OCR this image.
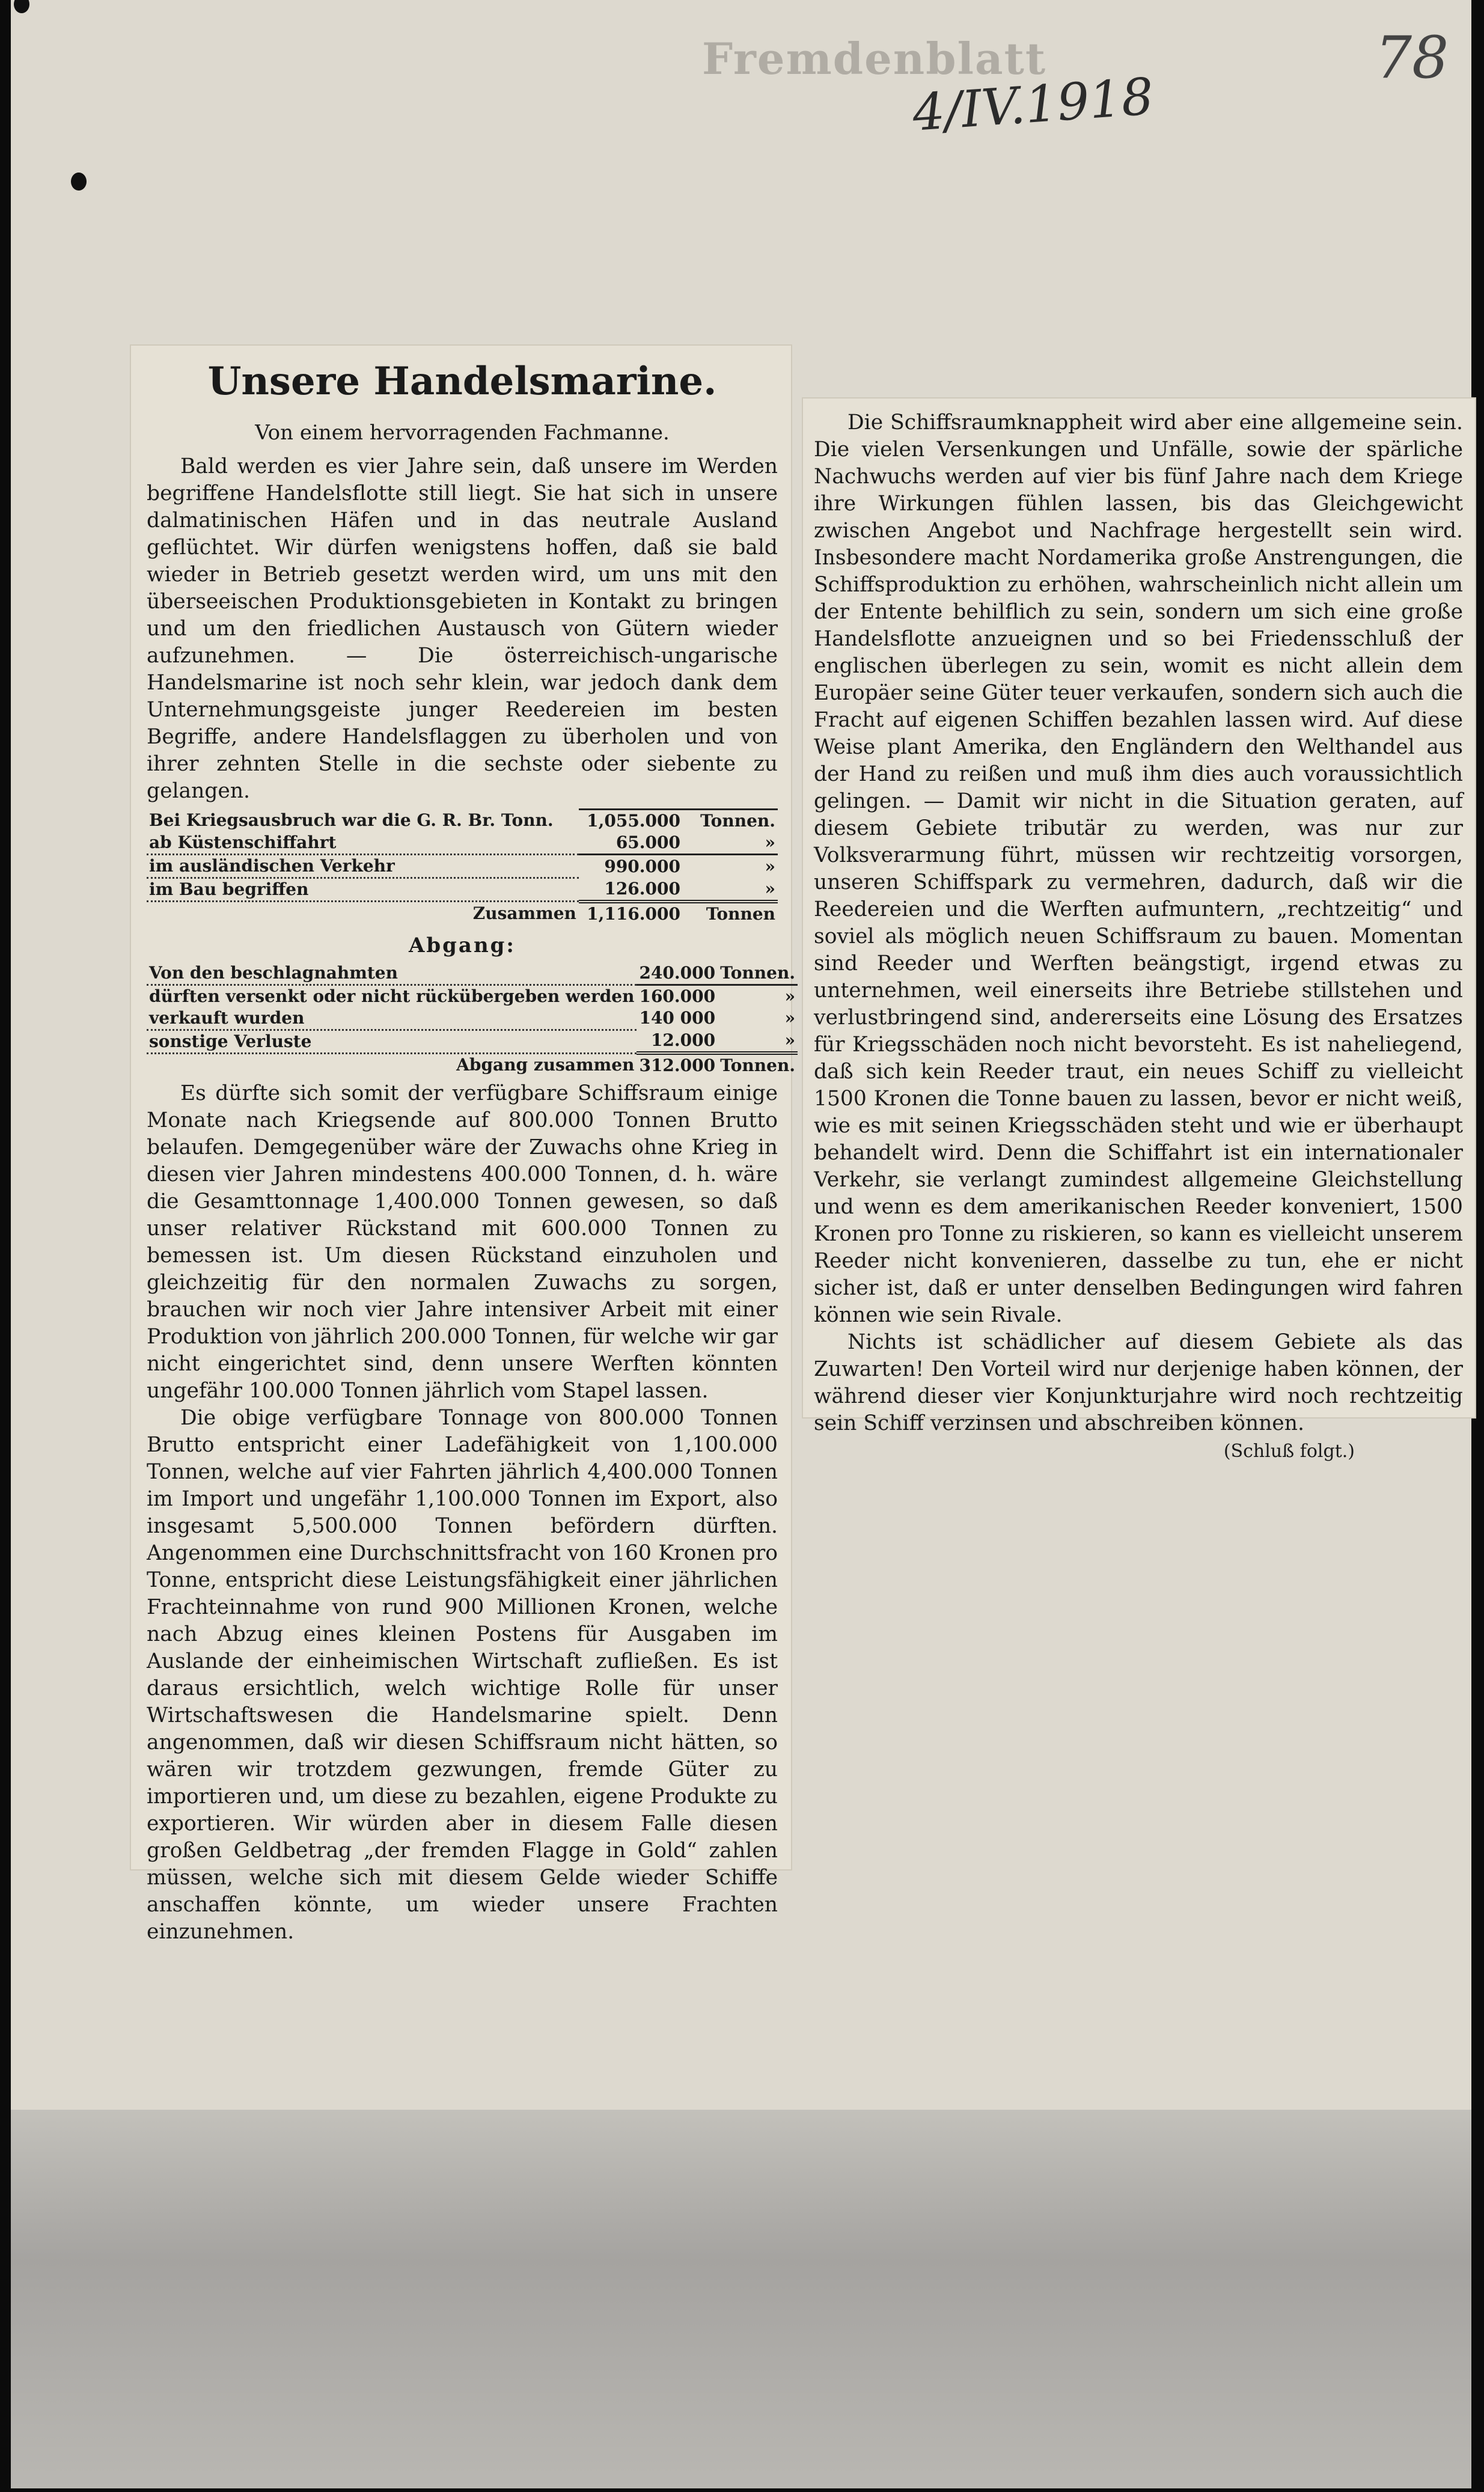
Fremdenblatt
4/IV.1918
78
Unsere Handelsmarine.

Von einem hervorragenden Fachmanne.

Bald werden es vier Jahre sein, daß unsere im Werden begriffene Handelsflotte still liegt. Sie hat sich in unsere dalmatinischen Häfen und in das neutrale Ausland geflüchtet. Wir dürfen wenigstens hoffen, daß sie bald wieder in Betrieb gesetzt werden wird, um uns mit den überseeischen Produktionsgebieten in Kontakt zu bringen und um den friedlichen Austausch von Gütern wieder aufzunehmen. — Die österreichisch-ungarische Handelsmarine ist noch sehr klein, war jedoch dank dem Unternehmungsgeiste junger Reedereien im besten Begriffe, andere Handelsflaggen zu überholen und von ihrer zehnten Stelle in die sechste oder siebente zu gelangen.

Bei Kriegsausbruch war die G. R. Br. Tonn.	1,055.000	Tonnen.
ab Küstenschiffahrt	65.000	»
im ausländischen Verkehr	990.000	»
im Bau begriffen	126.000	»
Zusammen	1,116.000	Tonnen
Abgang:
Von den beschlagnahmten	240.000	Tonnen.
dürften versenkt oder nicht rückübergeben werden	160.000	»
verkauft wurden	140 000	»
sonstige Verluste	12.000	»
Abgang zusammen	312.000	Tonnen.

Es dürfte sich somit der verfügbare Schiffsraum einige Monate nach Kriegsende auf 800.000 Tonnen Brutto belaufen. Demgegenüber wäre der Zuwachs ohne Krieg in diesen vier Jahren mindestens 400.000 Tonnen, d. h. wäre die Gesamttonnage 1,400.000 Tonnen gewesen, so daß unser relativer Rückstand mit 600.000 Tonnen zu bemessen ist. Um diesen Rückstand einzuholen und gleichzeitig für den normalen Zuwachs zu sorgen, brauchen wir noch vier Jahre intensiver Arbeit mit einer Produktion von jährlich 200.000 Tonnen, für welche wir gar nicht eingerichtet sind, denn unsere Werften könnten ungefähr 100.000 Tonnen jährlich vom Stapel lassen.

Die obige verfügbare Tonnage von 800.000 Tonnen Brutto entspricht einer Ladefähigkeit von 1,100.000 Tonnen, welche auf vier Fahrten jährlich 4,400.000 Tonnen im Import und ungefähr 1,100.000 Tonnen im Export, also insgesamt 5,500.000 Tonnen befördern dürften. Angenommen eine Durchschnittsfracht von 160 Kronen pro Tonne, entspricht diese Leistungsfähigkeit einer jährlichen Frachteinnahme von rund 900 Millionen Kronen, welche nach Abzug eines kleinen Postens für Ausgaben im Auslande der einheimischen Wirtschaft zufließen. Es ist daraus ersichtlich, welch wichtige Rolle für unser Wirtschaftswesen die Handelsmarine spielt. Denn angenommen, daß wir diesen Schiffsraum nicht hätten, so wären wir trotzdem gezwungen, fremde Güter zu importieren und, um diese zu bezahlen, eigene Produkte zu exportieren. Wir würden aber in diesem Falle diesen großen Geldbetrag „der fremden Flagge in Gold“ zahlen müssen, welche sich mit diesem Gelde wieder Schiffe anschaffen könnte, um wieder unsere Frachten einzunehmen.

Die Schiffsraumknappheit wird aber eine allgemeine sein. Die vielen Versenkungen und Unfälle, sowie der spärliche Nachwuchs werden auf vier bis fünf Jahre nach dem Kriege ihre Wirkungen fühlen lassen, bis das Gleichgewicht zwischen Angebot und Nachfrage hergestellt sein wird. Insbesondere macht Nordamerika große Anstrengungen, die Schiffsproduktion zu erhöhen, wahrscheinlich nicht allein um der Entente behilflich zu sein, sondern um sich eine große Handelsflotte anzueignen und so bei Friedensschluß der englischen überlegen zu sein, womit es nicht allein dem Europäer seine Güter teuer verkaufen, sondern sich auch die Fracht auf eigenen Schiffen bezahlen lassen wird. Auf diese Weise plant Amerika, den Engländern den Welthandel aus der Hand zu reißen und muß ihm dies auch voraussichtlich gelingen. — Damit wir nicht in die Situation geraten, auf diesem Gebiete tributär zu werden, was nur zur Volksverarmung führt, müssen wir rechtzeitig vorsorgen, unseren Schiffspark zu vermehren, dadurch, daß wir die Reedereien und die Werften aufmuntern, „rechtzeitig“ und soviel als möglich neuen Schiffsraum zu bauen. Momentan sind Reeder und Werften beängstigt, irgend etwas zu unternehmen, weil einerseits ihre Betriebe stillstehen und verlustbringend sind, andererseits eine Lösung des Ersatzes für Kriegsschäden noch nicht bevorsteht. Es ist naheliegend, daß sich kein Reeder traut, ein neues Schiff zu vielleicht 1500 Kronen die Tonne bauen zu lassen, bevor er nicht weiß, wie es mit seinen Kriegsschäden steht und wie er überhaupt behandelt wird. Denn die Schiffahrt ist ein internationaler Verkehr, sie verlangt zumindest allgemeine Gleichstellung und wenn es dem amerikanischen Reeder konveniert, 1500 Kronen pro Tonne zu riskieren, so kann es vielleicht unserem Reeder nicht konvenieren, dasselbe zu tun, ehe er nicht sicher ist, daß er unter denselben Bedingungen wird fahren können wie sein Rivale.

Nichts ist schädlicher auf diesem Gebiete als das Zuwarten! Den Vorteil wird nur derjenige haben können, der während dieser vier Konjunkturjahre wird noch rechtzeitig sein Schiff verzinsen und abschreiben können.

(Schluß folgt.)
